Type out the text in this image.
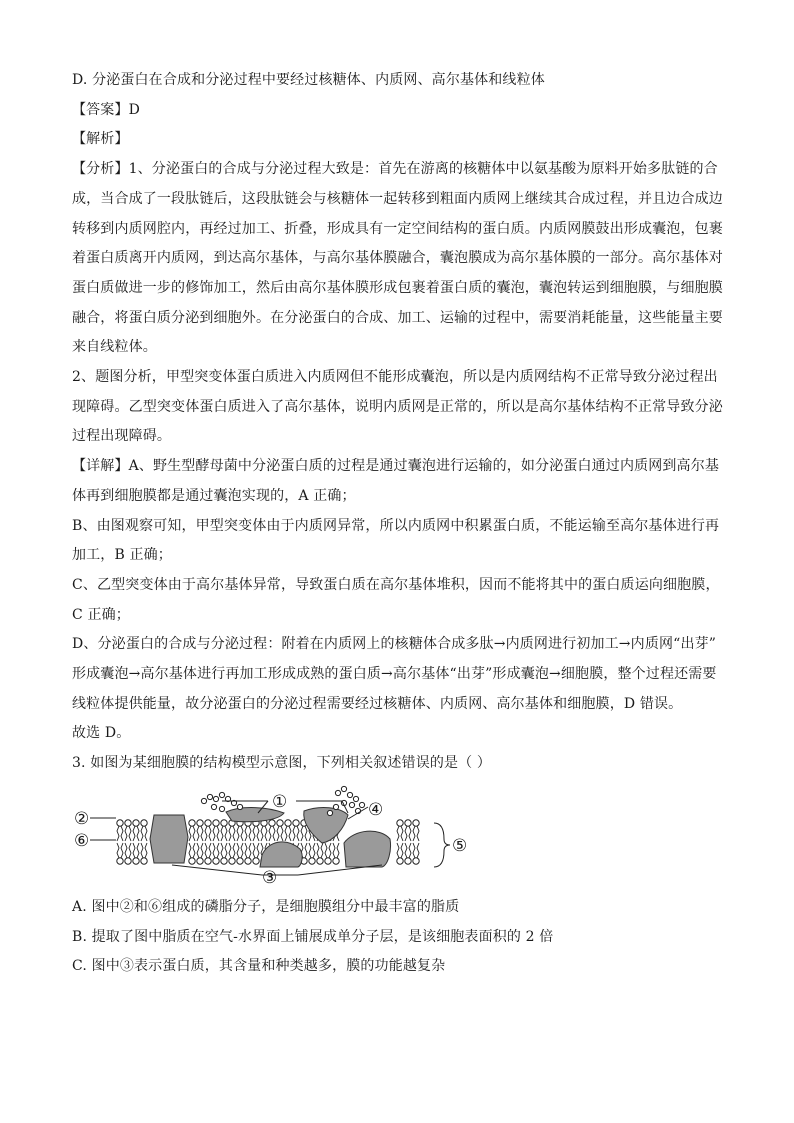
D. 分泌蛋白在合成和分泌过程中要经过核糖体、内质网、高尔基体和线粒体
【答案】D
【解析】
【分析】1、分泌蛋白的合成与分泌过程大致是：首先在游离的核糖体中以氨基酸为原料开始多肽链的合
成，当合成了一段肽链后，这段肽链会与核糖体一起转移到粗面内质网上继续其合成过程，并且边合成边
转移到内质网腔内，再经过加工、折叠，形成具有一定空间结构的蛋白质。内质网膜鼓出形成囊泡，包裹
着蛋白质离开内质网，到达高尔基体，与高尔基体膜融合，囊泡膜成为高尔基体膜的一部分。高尔基体对
蛋白质做进一步的修饰加工，然后由高尔基体膜形成包裹着蛋白质的囊泡，囊泡转运到细胞膜，与细胞膜
融合，将蛋白质分泌到细胞外。在分泌蛋白的合成、加工、运输的过程中，需要消耗能量，这些能量主要
来自线粒体。
2、题图分析，甲型突变体蛋白质进入内质网但不能形成囊泡，所以是内质网结构不正常导致分泌过程出
现障碍。乙型突变体蛋白质进入了高尔基体，说明内质网是正常的，所以是高尔基体结构不正常导致分泌
过程出现障碍。
【详解】A、野生型酵母菌中分泌蛋白质的过程是通过囊泡进行运输的，如分泌蛋白通过内质网到高尔基
体再到细胞膜都是通过囊泡实现的，A 正确；
B、由图观察可知，甲型突变体由于内质网异常，所以内质网中积累蛋白质，不能运输至高尔基体进行再
加工，B 正确；
C、乙型突变体由于高尔基体异常，导致蛋白质在高尔基体堆积，因而不能将其中的蛋白质运向细胞膜，
C 正确；
D、分泌蛋白的合成与分泌过程：附着在内质网上的核糖体合成多肽→内质网进行初加工→内质网“出芽”
形成囊泡→高尔基体进行再加工形成成熟的蛋白质→高尔基体“出芽”形成囊泡→细胞膜，整个过程还需要
线粒体提供能量，故分泌蛋白的分泌过程需要经过核糖体、内质网、高尔基体和细胞膜，D 错误。
故选 D。
3. 如图为某细胞膜的结构模型示意图，下列相关叙述错误的是（ ）
①
②
③
④
⑤
⑥
A. 图中②和⑥组成的磷脂分子，是细胞膜组分中最丰富的脂质
B. 提取了图中脂质在空气-水界面上铺展成单分子层，是该细胞表面积的 2 倍
C. 图中③表示蛋白质，其含量和种类越多，膜的功能越复杂
